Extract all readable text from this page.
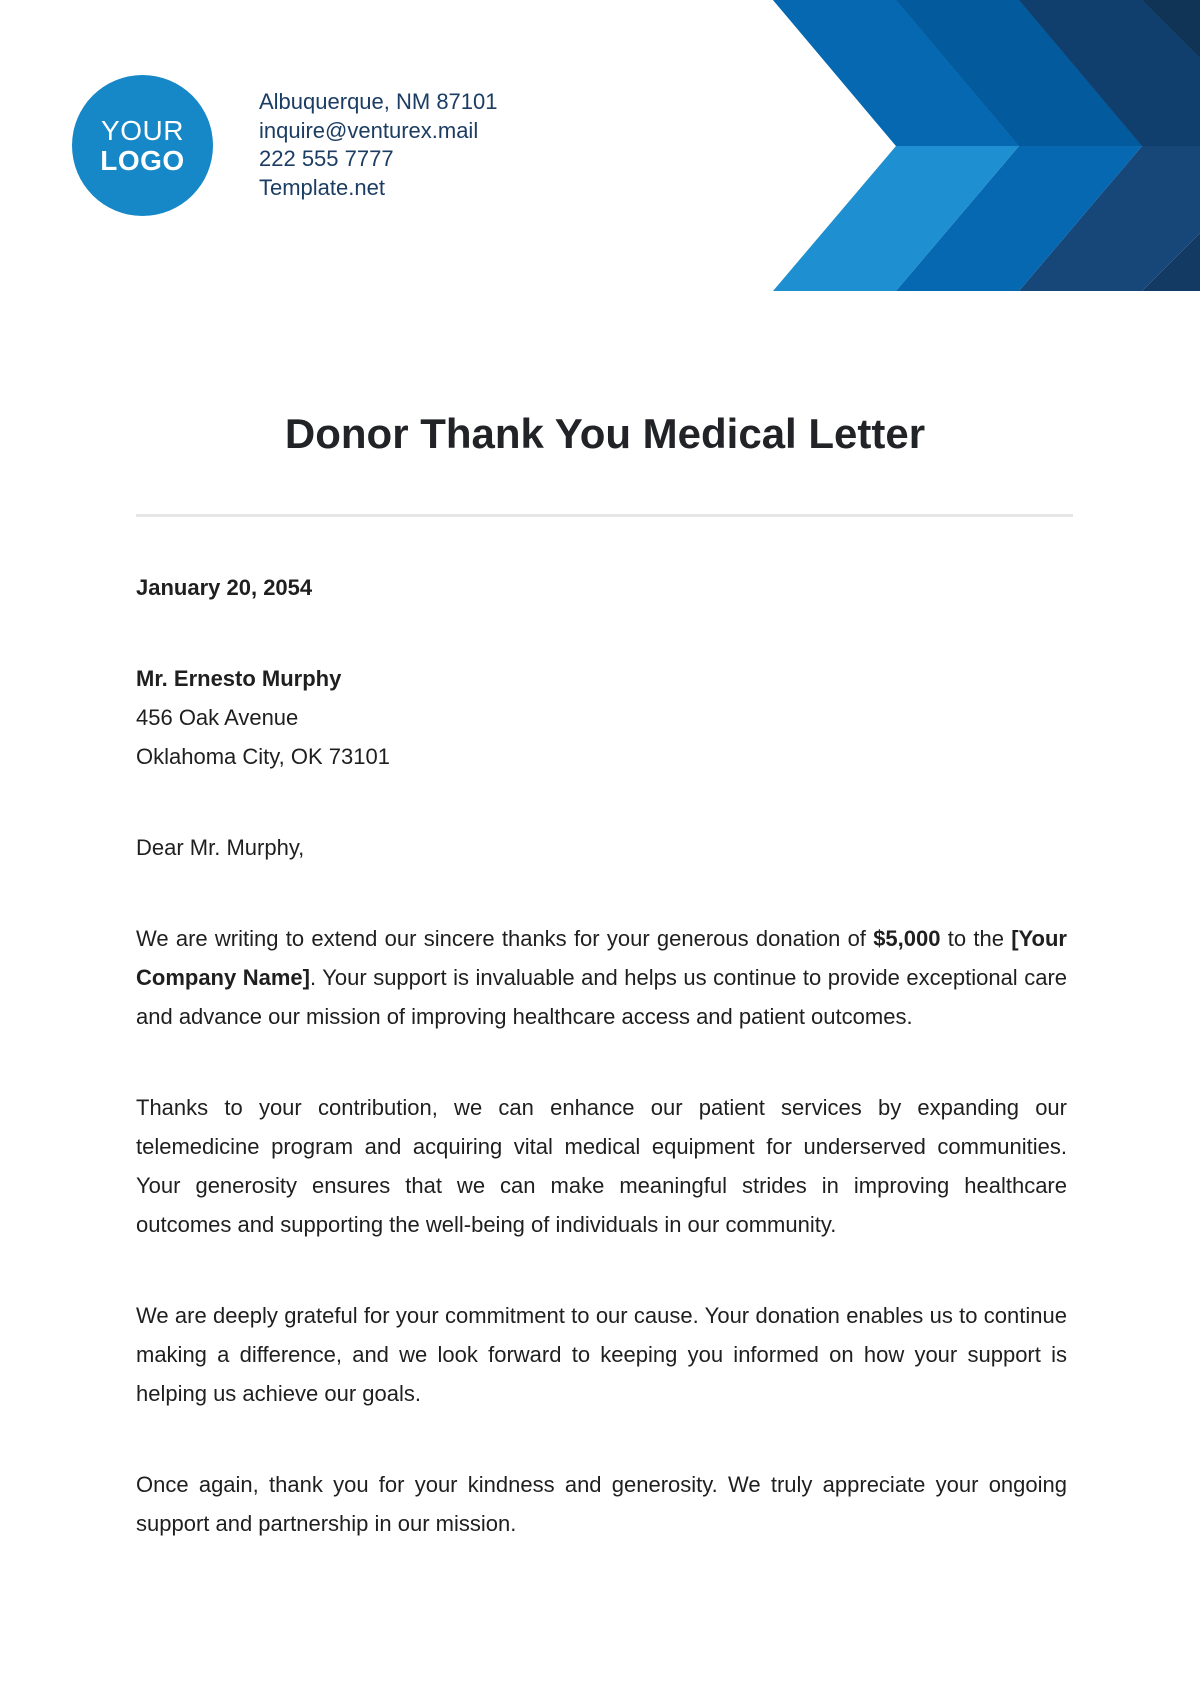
YOUR
LOGO
Albuquerque, NM 87101
inquire@venturex.mail
222 555 7777
Template.net
Donor Thank You Medical Letter

January 20, 2054

Mr. Ernesto Murphy
456 Oak Avenue
Oklahoma City, OK 73101

Dear Mr. Murphy,

We are writing to extend our sincere thanks for your generous donation of $5,000 to the [Your Company Name]. Your support is invaluable and helps us continue to provide exceptional care and advance our mission of improving healthcare access and patient outcomes.

Thanks to your contribution, we can enhance our patient services by expanding our telemedicine program and acquiring vital medical equipment for underserved communities. Your generosity ensures that we can make meaningful strides in improving healthcare outcomes and supporting the well-being of individuals in our community.

We are deeply grateful for your commitment to our cause. Your donation enables us to continue making a difference, and we look forward to keeping you informed on how your support is helping us achieve our goals.

Once again, thank you for your kindness and generosity. We truly appreciate your ongoing support and partnership in our mission.
